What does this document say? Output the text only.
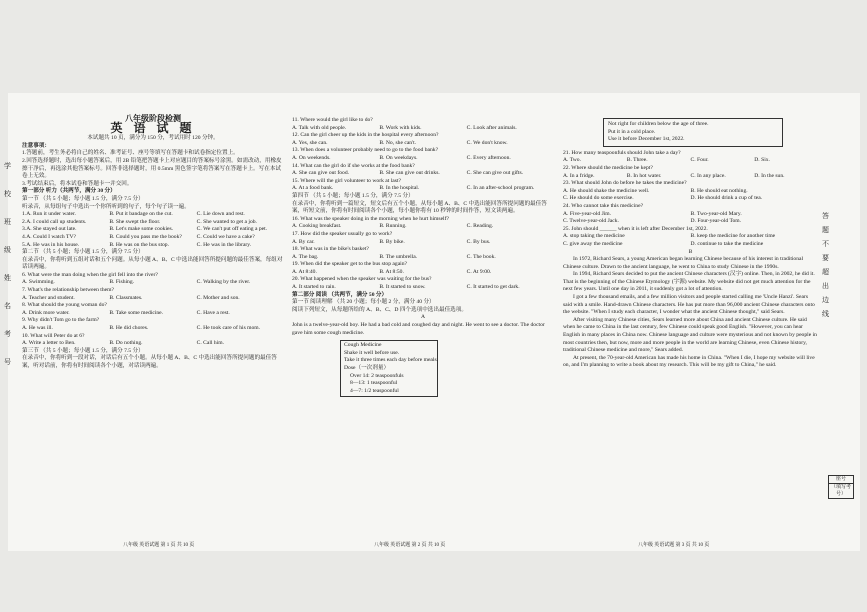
学

校

班

级

姓

名

考

号
八年级阶段检测
英 语 试 题
本试题共 10 页，满分为 150 分，考试用时 120 分钟。
注意事项：
1.答题前，考生务必将自己的姓名、准考证号、座号等填写在答题卡和试卷指定位置上。
2.回答选择题时，选出每小题答案后，用 2B 铅笔把答题卡上对应题目的答案标号涂黑。如需改动，用橡皮擦干净后，再选涂其他答案标号。回答非选择题时，用 0.5mm 黑色签字笔将答案写在答题卡上。写在本试卷上无效。
3.考试结束后，将本试卷和答题卡一并交回。
第一部分 听力（共两节，满分 30 分）
第一节 （共 5 小题；每小题 1.5 分，满分 7.5 分）
听录音，从每组句子中选出一个你所听到的句子，每个句子读一遍。
1.A. Run it under water.	B. Put it bandage on the cut.	C. Lie down and rest.
2.A. I could call up students.	B. She swept the floor.	C. She wanted to get a job.
3.A. She stayed out late.	B. Let's make some cookies.	C. We can't put off eating a pet.
4.A. Could I watch TV?	B. Could you pass me the book?	C. Could we have a cake?
5.A. He was in his house.	B. He was on the bus stop.	C. He was in the library.
第二节 （共 5 小题；每小题 1.5 分，满分 7.5 分）
在录音中，你将听到五组对话和五个问题。从每小题 A、B、C 中选出能回答所提问题的最佳答案，每组对话读两遍。
6. What were the man doing when the girl fell into the river?
A. Swimming.	B. Fishing.	C. Walking by the river.
7. What's the relationship between them?
A. Teacher and student.	B. Classmates.	C. Mother and son.
8. What should the young woman do?
A. Drink more water.	B. Take some medicine.	C. Have a rest.
9. Why didn't Tom go to the farm?
A. He was ill.	B. He did chores.	C. He took care of his mom.
10. What will Peter do at 6?
A. Write a letter to Ben.	B. Do nothing.	C. Call him.
第三节 （共 5 小题；每小题 1.5 分，满分 7.5 分）
在录音中，你将听到一段对话，对话后有五个小题。从每小题 A、B、C 中选出能回答所提问题的最佳答案，听对话前，你将有时间阅读各个小题，对话读两遍。
八年级 英语试题 第 1 页 共 10 页
11. Where would the girl like to do?
A. Talk with old people.	B. Work with kids.	C. Look after animals.
12. Can the girl cheer up the kids in the hospital every afternoon?
A. Yes, she can.	B. No, she can't.	C. We don't know.
13. When does a volunteer probably need to go to the food bank?
A. On weekends.	B. On weekdays.	C. Every afternoon.
14. What can the girl do if she works at the food bank?
A. She can give out food.	B. She can give out drinks.	C. She can give out gifts.
15. Where will the girl volunteer to work at last?
A. At a food bank.	B. In the hospital.	C. In an after-school program.
第四节 （共 5 小题；每小题 1.5 分，满分 7.5 分）
在录音中，你将听到一篇短文，短文后有五个小题，从每小题 A、B、C 中选出能回答所提问题的最佳答案，听短文前，你将有时间阅读各个小题，每小题你将有 10 秒钟的时间作答，短文读两遍。
16. What was the speaker doing in the morning when he hurt himself?
A. Cooking breakfast.	B. Running.	C. Reading.
17. How did the speaker usually go to work?
A. By car.	B. By bike.	C. By bus.
18. What was in the bike's basket?
A. The bag.	B. The umbrella.	C. The book.
19. When did the speaker get to the bus stop again?
A. At 8:40.	B. At 8:50.	C. At 9:00.
20. What happened when the speaker was waiting for the bus?
A. It started to rain.	B. It started to snow.	C. It started to get dark.
第二部分 阅读 （共两节，满分 50 分）
第一节 阅读理解 （共 20 小题；每小题 2 分，满分 40 分）
阅读下列短文，从每题所给的 A、B、C、D 四个选项中选出最佳选项。
A
John is a twelve-year-old boy. He had a bad cold and coughed day and night. He went to see a doctor. The doctor gave him some cough medicine.
Cough Medicine
Shake it well before use.
Take it three times each day before meals.
Dose（一次剂量）
Over 14: 2 teaspoonfuls
8—13: 1 teaspoonful
4—7: 1/2 teaspoonful
八年级 英语试题 第 2 页 共 10 页
Not right for children below the age of three.
Put it in a cold place.
Use it before December 1st, 2022.
21. How many teaspoonfuls should John take a day?
A. Two.	B. Three.	C. Four.	D. Six.
22. Where should the medicine be kept?
A. In a fridge.	B. In hot water.	C. In any place.	D. In the sun.
23. What should John do before he takes the medicine?
A. He should shake the medicine well.	B. He should eat nothing.
C. He should do some exercise.	D. He should drink a cup of tea.
24. Who cannot take this medicine?
A. Five-year-old Jim.	B. Two-year-old Mary.
C. Twelve-year-old Jack.	D. Four-year-old Tom.
25. John should ______ when it is left after December 1st, 2022.
A. stop taking the medicine	B. keep the medicine for another time
C. give away the medicine	D. continue to take the medicine
B
In 1972, Richard Sears, a young American began learning Chinese because of his interest in traditional Chinese culture. Drawn to the ancient language, he went to China to study Chinese in the 1990s.
In 1994, Richard Sears decided to put the ancient Chinese characters (汉字) online. Then, in 2002, he did it. That is the beginning of the Chinese Etymology (字源) website. My website did not get much attention for the next few years. Until one day in 2011, it suddenly got a lot of attention.
I got a few thousand emails, and a few million visitors and people started calling me 'Uncle Hanzi'. Sears said with a smile. Hand-drawn Chinese characters. He has put more than 96,000 ancient Chinese characters onto the website. "When I study each character, I wonder what the ancient Chinese thought," said Sears.
After visiting many Chinese cities, Sears learned more about China and ancient Chinese culture. He said when he came to China in the last century, few Chinese could speak good English. "However, you can hear English in many places in China now. Chinese language and culture were mysterious and not known by people in most countries then, but now, more and more people in the world are learning Chinese, even Chinese history, traditional Chinese medicine and more," Sears added.
At present, the 70-year-old American has made his home in China. "When I die, I hope my website will live on, and I'm planning to write a book about my research. This will be my gift to China," he said.
八年级 英语试题 第 3 页 共 10 页
答

题

不

要

超

出

边

线
座号
（填写考号）
